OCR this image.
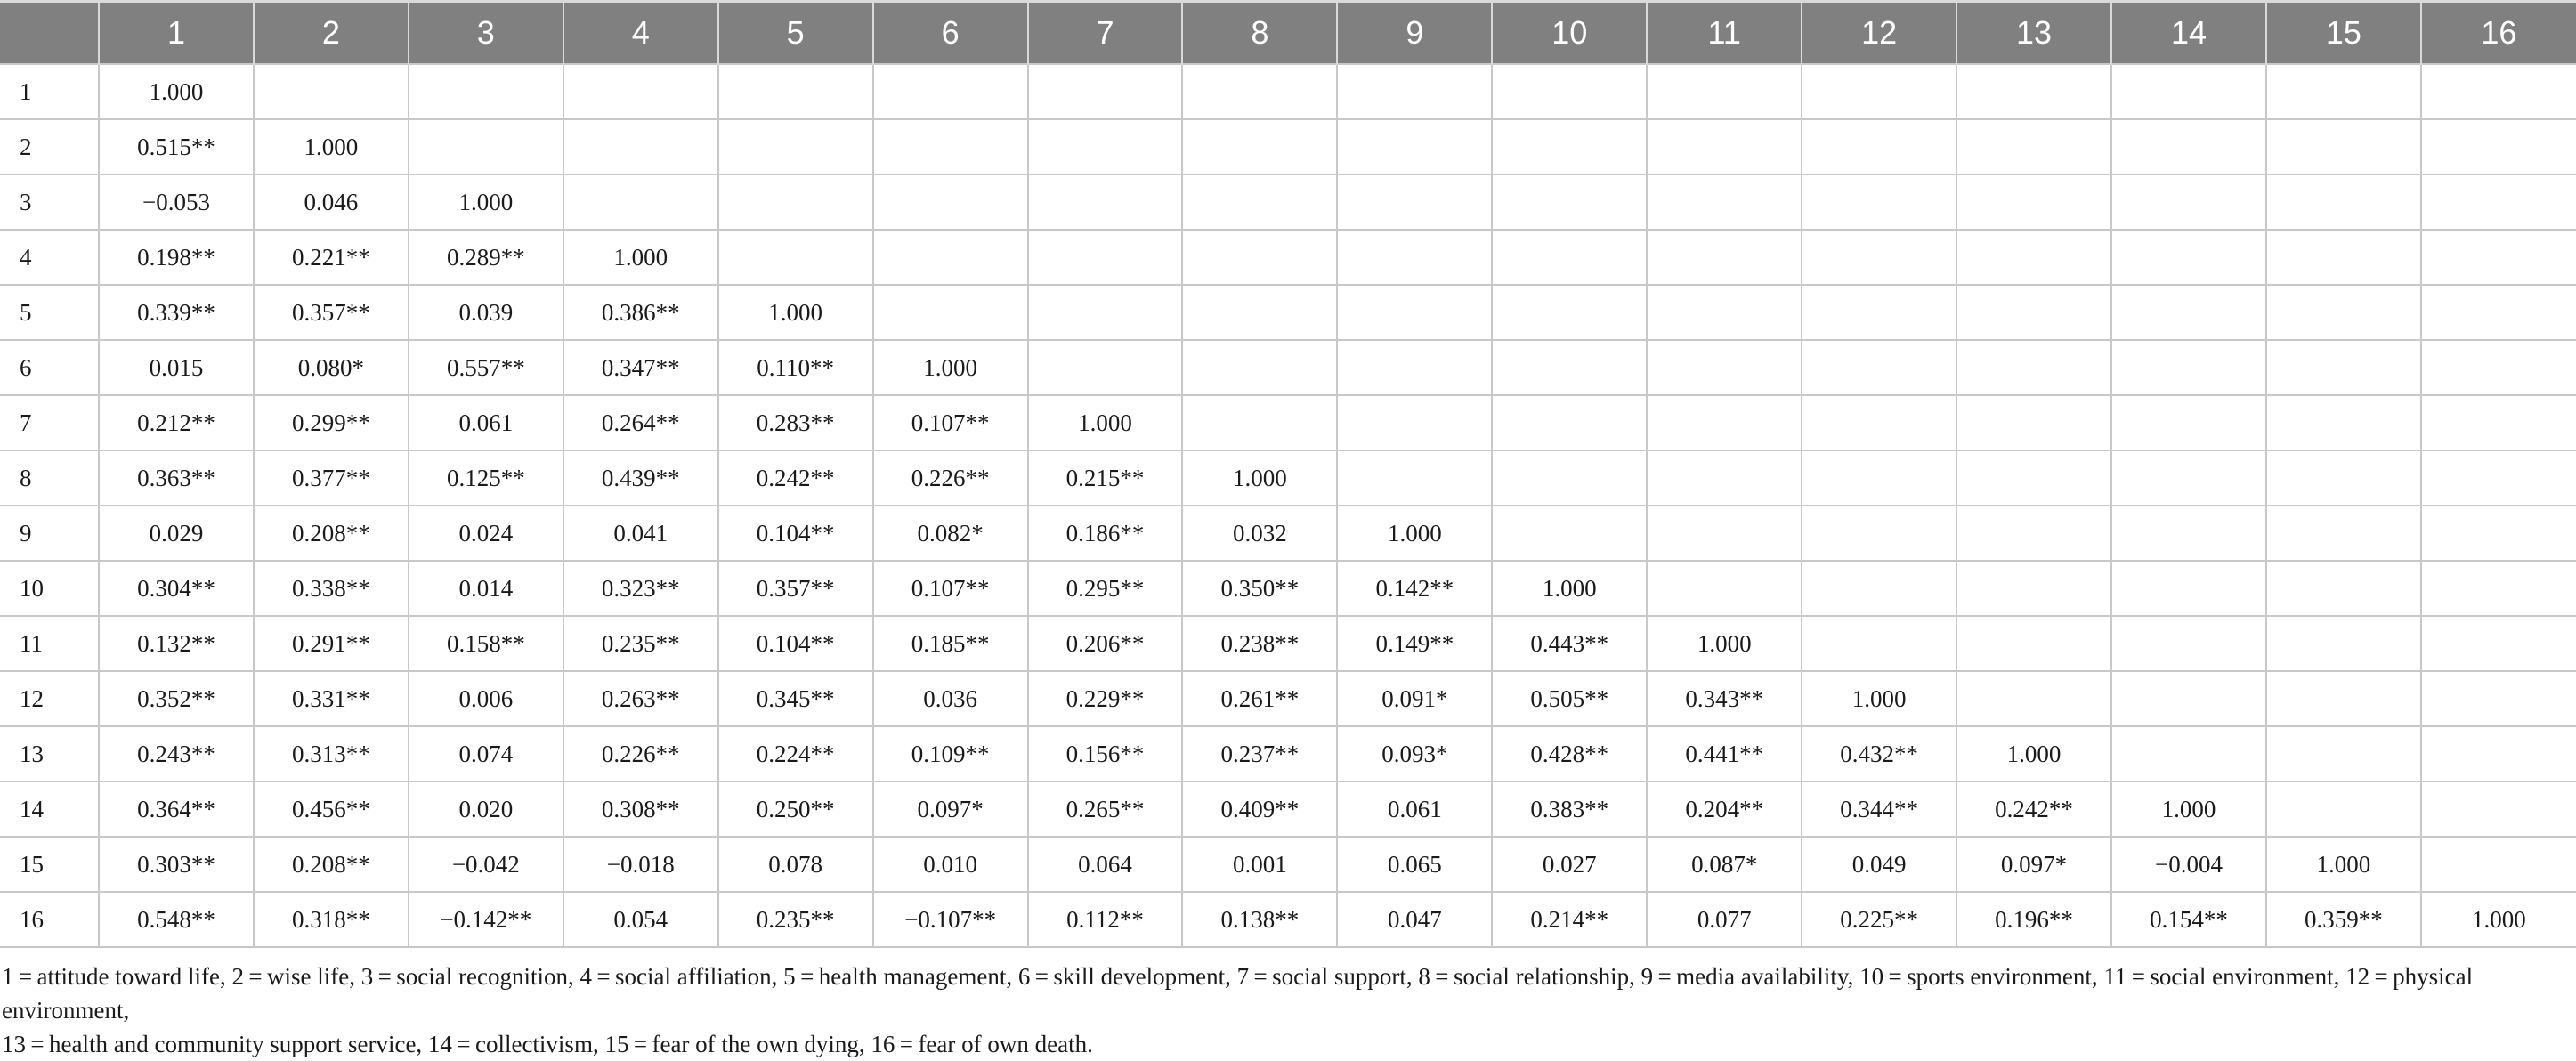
	1	2	3	4	5	6	7	8	9	10	11	12	13	14	15	16
1	1.000															
2	0.515**	1.000														
3	−0.053	0.046	1.000													
4	0.198**	0.221**	0.289**	1.000												
5	0.339**	0.357**	0.039	0.386**	1.000											
6	0.015	0.080*	0.557**	0.347**	0.110**	1.000										
7	0.212**	0.299**	0.061	0.264**	0.283**	0.107**	1.000									
8	0.363**	0.377**	0.125**	0.439**	0.242**	0.226**	0.215**	1.000								
9	0.029	0.208**	0.024	0.041	0.104**	0.082*	0.186**	0.032	1.000							
10	0.304**	0.338**	0.014	0.323**	0.357**	0.107**	0.295**	0.350**	0.142**	1.000						
11	0.132**	0.291**	0.158**	0.235**	0.104**	0.185**	0.206**	0.238**	0.149**	0.443**	1.000					
12	0.352**	0.331**	0.006	0.263**	0.345**	0.036	0.229**	0.261**	0.091*	0.505**	0.343**	1.000				
13	0.243**	0.313**	0.074	0.226**	0.224**	0.109**	0.156**	0.237**	0.093*	0.428**	0.441**	0.432**	1.000			
14	0.364**	0.456**	0.020	0.308**	0.250**	0.097*	0.265**	0.409**	0.061	0.383**	0.204**	0.344**	0.242**	1.000		
15	0.303**	0.208**	−0.042	−0.018	0.078	0.010	0.064	0.001	0.065	0.027	0.087*	0.049	0.097*	−0.004	1.000	
16	0.548**	0.318**	−0.142**	0.054	0.235**	−0.107**	0.112**	0.138**	0.047	0.214**	0.077	0.225**	0.196**	0.154**	0.359**	1.000
1 = attitude toward life, 2 = wise life, 3 = social recognition, 4 = social affiliation, 5 = health management, 6 = skill development, 7 = social support, 8 = social relationship, 9 = media availability, 10 = sports environment, 11 = social environment, 12 = physical environment,
13 = health and community support service, 14 = collectivism, 15 = fear of the own dying, 16 = fear of own death.
